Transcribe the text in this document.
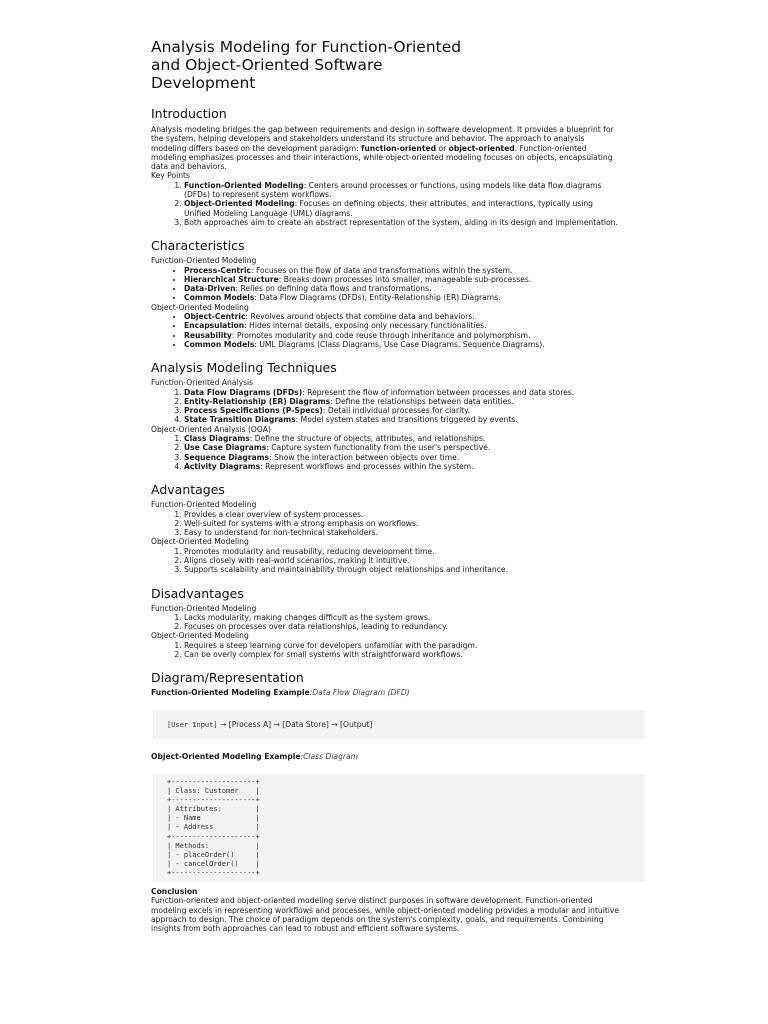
Analysis Modeling for Function-Oriented
and Object-Oriented Software
Development
Introduction

Analysis modeling bridges the gap between requirements and design in software development. It provides a blueprint for the system, helping developers and stakeholders understand its structure and behavior. The approach to analysis modeling differs based on the development paradigm: function-oriented or object-oriented. Function-oriented modeling emphasizes processes and their interactions, while object-oriented modeling focuses on objects, encapsulating data and behaviors.

Key Points

1. Function-Oriented Modeling: Centers around processes or functions, using models like data flow diagrams (DFDs) to represent system workflows.
2. Object-Oriented Modeling: Focuses on defining objects, their attributes, and interactions, typically using Unified Modeling Language (UML) diagrams.
3. Both approaches aim to create an abstract representation of the system, aiding in its design and implementation.
Characteristics

Function-Oriented Modeling

• Process-Centric: Focuses on the flow of data and transformations within the system.
• Hierarchical Structure: Breaks down processes into smaller, manageable sub-processes.
• Data-Driven: Relies on defining data flows and transformations.
• Common Models: Data Flow Diagrams (DFDs), Entity-Relationship (ER) Diagrams.

Object-Oriented Modeling

• Object-Centric: Revolves around objects that combine data and behaviors.
• Encapsulation: Hides internal details, exposing only necessary functionalities.
• Reusability: Promotes modularity and code reuse through inheritance and polymorphism.
• Common Models: UML Diagrams (Class Diagrams, Use Case Diagrams, Sequence Diagrams).
Analysis Modeling Techniques

Function-Oriented Analysis

1. Data Flow Diagrams (DFDs): Represent the flow of information between processes and data stores.
2. Entity-Relationship (ER) Diagrams: Define the relationships between data entities.
3. Process Specifications (P-Specs): Detail individual processes for clarity.
4. State Transition Diagrams: Model system states and transitions triggered by events.

Object-Oriented Analysis (OOA)

1. Class Diagrams: Define the structure of objects, attributes, and relationships.
2. Use Case Diagrams: Capture system functionality from the user's perspective.
3. Sequence Diagrams: Show the interaction between objects over time.
4. Activity Diagrams: Represent workflows and processes within the system.
Advantages

Function-Oriented Modeling

1. Provides a clear overview of system processes.
2. Well-suited for systems with a strong emphasis on workflows.
3. Easy to understand for non-technical stakeholders.

Object-Oriented Modeling

1. Promotes modularity and reusability, reducing development time.
2. Aligns closely with real-world scenarios, making it intuitive.
3. Supports scalability and maintainability through object relationships and inheritance.
Disadvantages

Function-Oriented Modeling

1. Lacks modularity, making changes difficult as the system grows.
2. Focuses on processes over data relationships, leading to redundancy.

Object-Oriented Modeling

1. Requires a steep learning curve for developers unfamiliar with the paradigm.
2. Can be overly complex for small systems with straightforward workflows.
Diagram/Representation

Function-Oriented Modeling Example:Data Flow Diagram (DFD)

[User Input] → [Process A] → [Data Store] → [Output]

Object-Oriented Modeling Example:Class Diagram

+--------------------+
| Class: Customer    |
+--------------------+
| Attributes:        |
| - Name             |
| - Address          |
+--------------------+
| Methods:           |
| - placeOrder()     |
| - cancelOrder()    |
+--------------------+

Conclusion

Function-oriented and object-oriented modeling serve distinct purposes in software development. Function-oriented modeling excels in representing workflows and processes, while object-oriented modeling provides a modular and intuitive approach to design. The choice of paradigm depends on the system's complexity, goals, and requirements. Combining insights from both approaches can lead to robust and efficient software systems.
